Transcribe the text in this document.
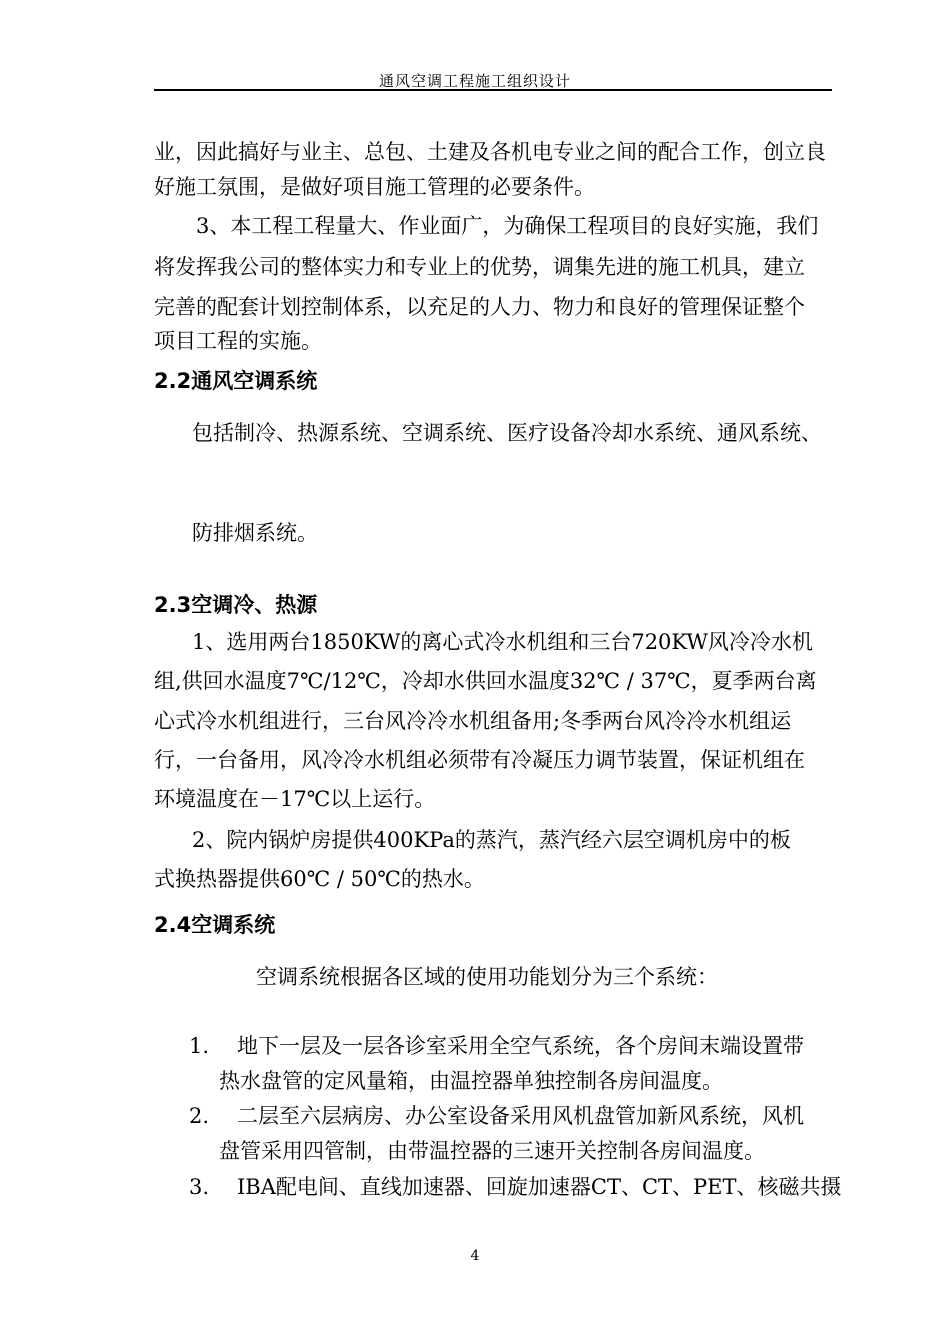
通风空调工程施工组织设计
业，因此搞好与业主、总包、土建及各机电专业之间的配合工作，创立良
好施工氛围，是做好项目施工管理的必要条件。
3、本工程工程量大、作业面广，为确保工程项目的良好实施，我们
将发挥我公司的整体实力和专业上的优势，调集先进的施工机具，建立
完善的配套计划控制体系，以充足的人力、物力和良好的管理保证整个
项目工程的实施。
2.2通风空调系统
包括制冷、热源系统、空调系统、医疗设备冷却水系统、通风系统、
防排烟系统。
2.3空调冷、热源
1、选用两台1850KW的离心式冷水机组和三台720KW风冷冷水机
组,供回水温度7℃/12℃，冷却水供回水温度32℃ / 37℃，夏季两台离
心式冷水机组进行，三台风冷冷水机组备用;冬季两台风冷冷水机组运
行，一台备用，风冷冷水机组必须带有冷凝压力调节装置，保证机组在
环境温度在－17℃以上运行。
2、院内锅炉房提供400KPa的蒸汽，蒸汽经六层空调机房中的板
式换热器提供60℃ / 50℃的热水。
2.4空调系统
空调系统根据各区域的使用功能划分为三个系统：
1. 地下一层及一层各诊室采用全空气系统，各个房间末端设置带
热水盘管的定风量箱，由温控器单独控制各房间温度。
2. 二层至六层病房、办公室设备采用风机盘管加新风系统，风机
盘管采用四管制，由带温控器的三速开关控制各房间温度。
3. IBA配电间、直线加速器、回旋加速器CT、CT、PET、核磁共摄
4
